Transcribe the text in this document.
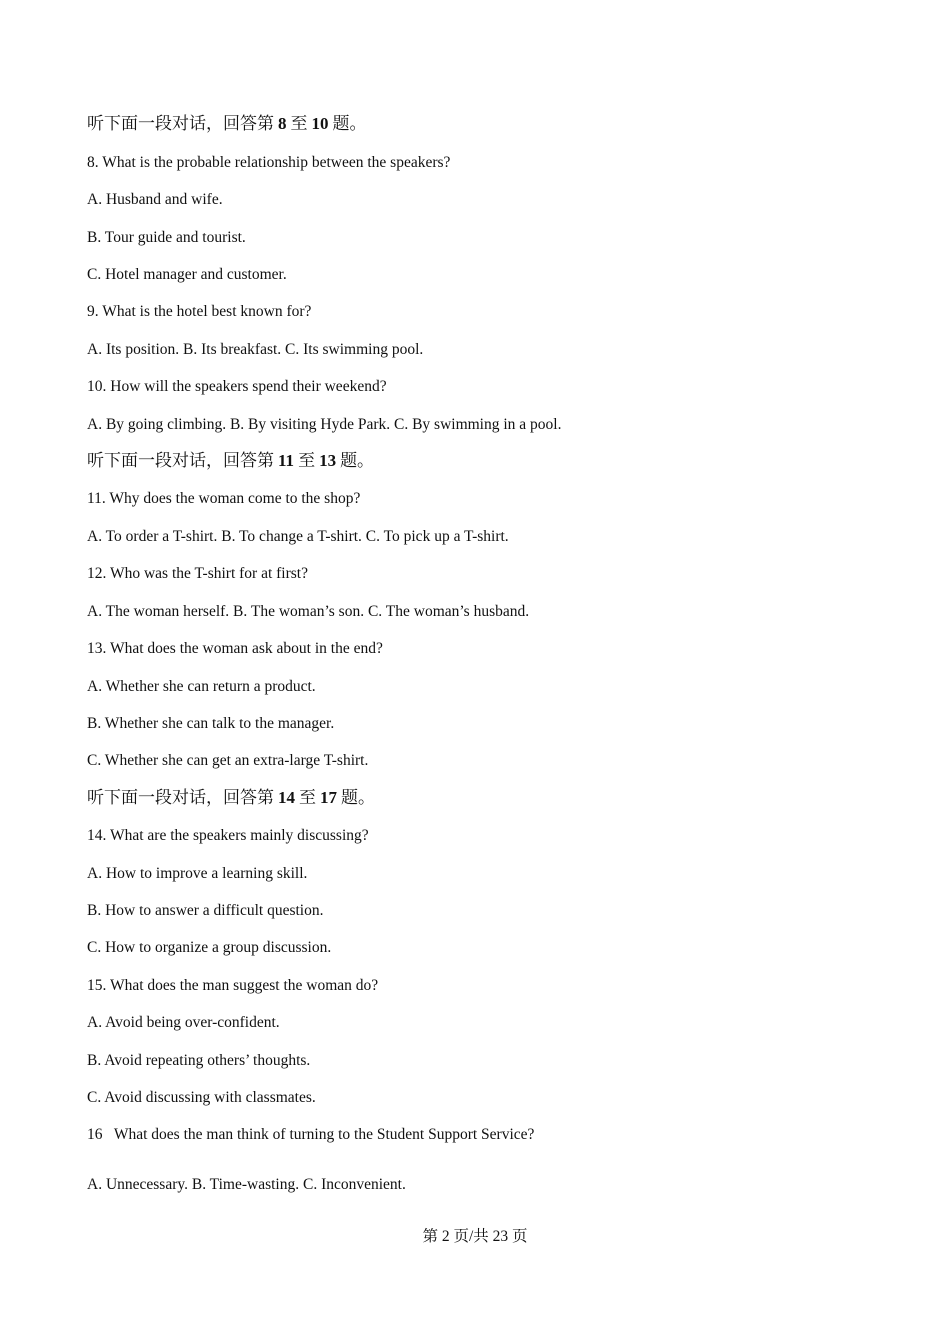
听下面一段对话，回答第 8 至 10 题。
8. What is the probable relationship between the speakers?
A. Husband and wife.
B. Tour guide and tourist.
C. Hotel manager and customer.
9. What is the hotel best known for?
A. Its position. B. Its breakfast. C. Its swimming pool.
10. How will the speakers spend their weekend?
A. By going climbing. B. By visiting Hyde Park. C. By swimming in a pool.
听下面一段对话，回答第 11 至 13 题。
11. Why does the woman come to the shop?
A. To order a T-shirt. B. To change a T-shirt. C. To pick up a T-shirt.
12. Who was the T-shirt for at first?
A. The woman herself. B. The woman’s son. C. The woman’s husband.
13. What does the woman ask about in the end?
A. Whether she can return a product.
B. Whether she can talk to the manager.
C. Whether she can get an extra-large T-shirt.
听下面一段对话，回答第 14 至 17 题。
14. What are the speakers mainly discussing?
A. How to improve a learning skill.
B. How to answer a difficult question.
C. How to organize a group discussion.
15. What does the man suggest the woman do?
A. Avoid being over-confident.
B. Avoid repeating others’ thoughts.
C. Avoid discussing with classmates.
16   What does the man think of turning to the Student Support Service?
A. Unnecessary. B. Time-wasting. C. Inconvenient.
第 2 页/共 23 页
